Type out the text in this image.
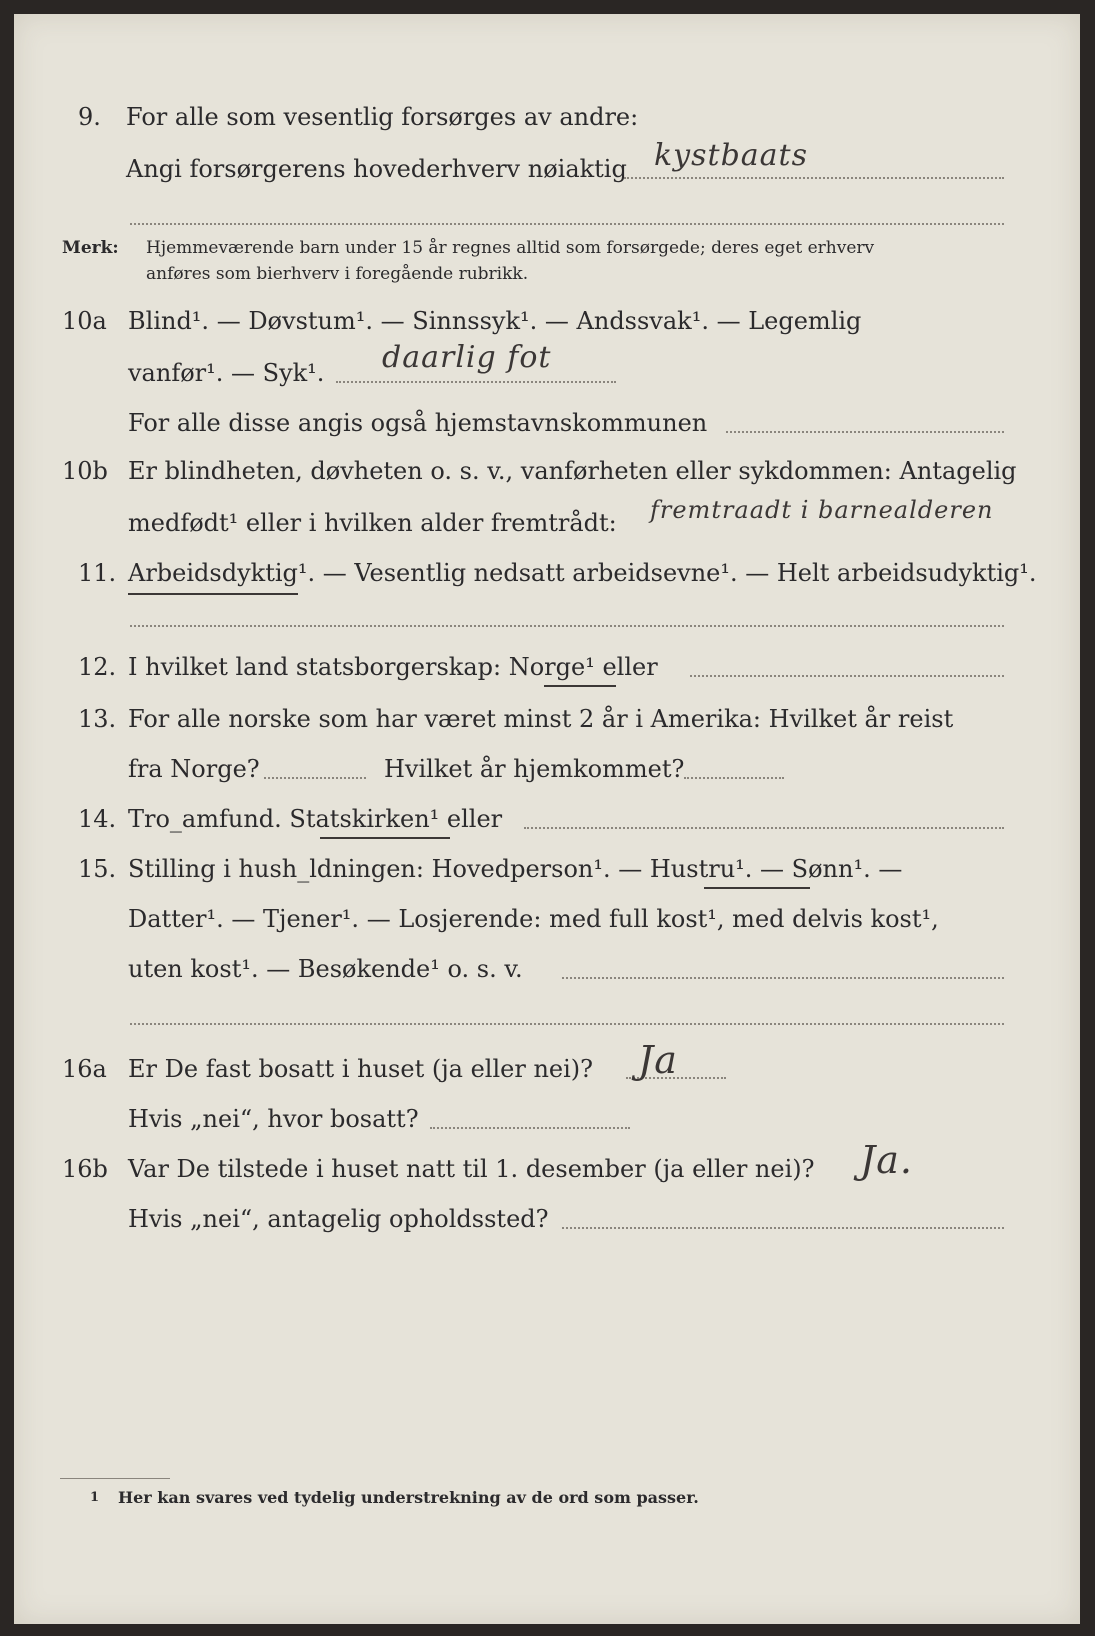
9. For alle som vesentlig forsørges av andre:
Angi forsørgerens hovederhverv nøiaktig kystbaats
Merk: Hjemmeværende barn under 15 år regnes alltid som forsørgede; deres eget erhverv
anføres som bierhverv i foregående rubrikk.
10a Blind¹. — Døvstum¹. — Sinnssyk¹. — Andssvak¹. — Legemlig
vanfør¹. — Syk¹. daarlig fot
For alle disse angis også hjemstavnskommunen
10b Er blindheten, døvheten o. s. v., vanførheten eller sykdommen: Antagelig
medfødt¹ eller i hvilken alder fremtrådt: fremtraadt i barnealderen
11. Arbeidsdyktig¹. — Vesentlig nedsatt arbeidsevne¹. — Helt arbeidsudyktig¹.
12. I hvilket land statsborgerskap: Norge¹ eller
13. For alle norske som har været minst 2 år i Amerika: Hvilket år reist
fra Norge?	Hvilket år hjemkommet?
14. Tro_amfund. Statskirken¹ eller
15. Stilling i hush_ldningen: Hovedperson¹. — Hustru¹. — Sønn¹. —
Datter¹. — Tjener¹. — Losjerende: med full kost¹, med delvis kost¹,
uten kost¹. — Besøkende¹ o. s. v.
16a Er De fast bosatt i huset (ja eller nei)? Ja
Hvis „nei“, hvor bosatt?
16b Var De tilstede i huset natt til 1. desember (ja eller nei)? Ja.
Hvis „nei“, antagelig opholdssted?
1 Her kan svares ved tydelig understrekning av de ord som passer.
